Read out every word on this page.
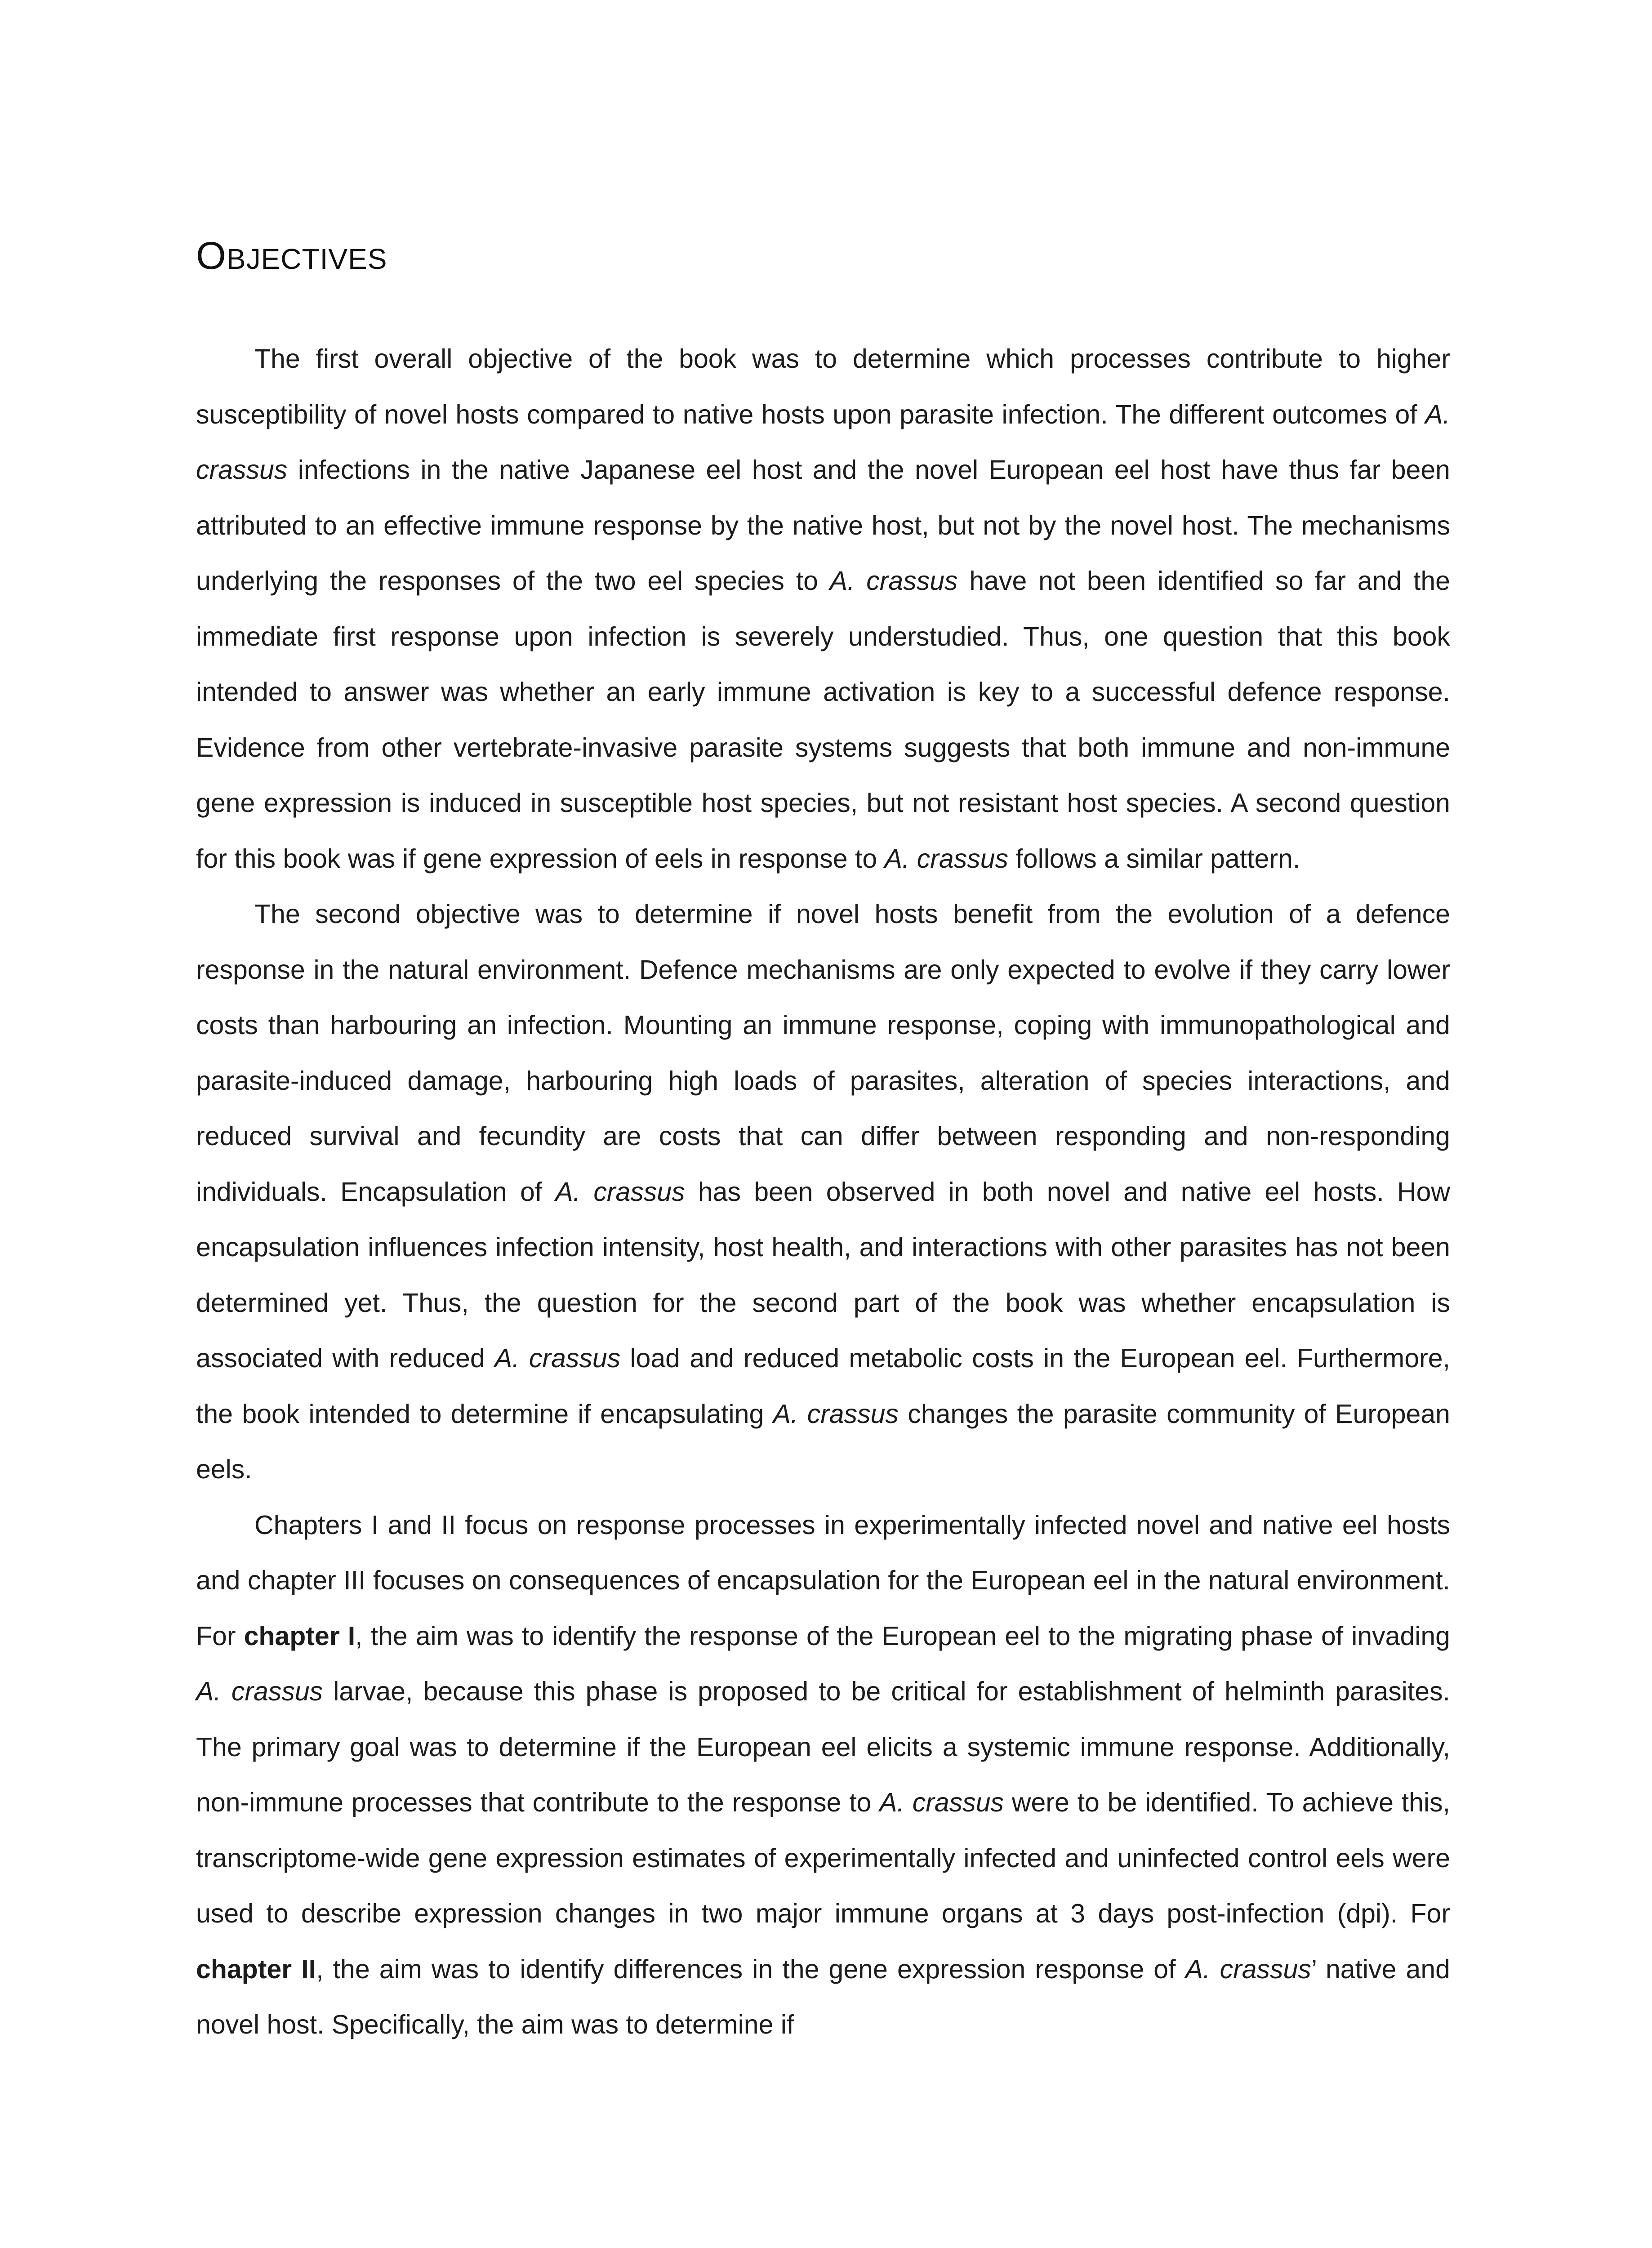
OBJECTIVES

The first overall objective of the book was to determine which processes contribute to higher susceptibility of novel hosts compared to native hosts upon parasite infection. The different outcomes of A. crassus infections in the native Japanese eel host and the novel European eel host have thus far been attributed to an effective immune response by the native host, but not by the novel host. The mechanisms underlying the responses of the two eel species to A. crassus have not been identified so far and the immediate first response upon infection is severely understudied. Thus, one question that this book intended to answer was whether an early immune activation is key to a successful defence response. Evidence from other vertebrate-invasive parasite systems suggests that both immune and non-immune gene expression is induced in susceptible host species, but not resistant host species. A second question for this book was if gene expression of eels in response to A. crassus follows a similar pattern.

The second objective was to determine if novel hosts benefit from the evolution of a defence response in the natural environment. Defence mechanisms are only expected to evolve if they carry lower costs than harbouring an infection. Mounting an immune response, coping with immunopathological and parasite-induced damage, harbouring high loads of parasites, alteration of species interactions, and reduced survival and fecundity are costs that can differ between responding and non-responding individuals. Encapsulation of A. crassus has been observed in both novel and native eel hosts. How encapsulation influences infection intensity, host health, and interactions with other parasites has not been determined yet. Thus, the question for the second part of the book was whether encapsulation is associated with reduced A. crassus load and reduced metabolic costs in the European eel. Furthermore, the book intended to determine if encapsulating A. crassus changes the parasite community of European eels.

Chapters I and II focus on response processes in experimentally infected novel and native eel hosts and chapter III focuses on consequences of encapsulation for the European eel in the natural environment. For chapter I, the aim was to identify the response of the European eel to the migrating phase of invading A. crassus larvae, because this phase is proposed to be critical for establishment of helminth parasites. The primary goal was to determine if the European eel elicits a systemic immune response. Additionally, non-immune processes that contribute to the response to A. crassus were to be identified. To achieve this, transcriptome-wide gene expression estimates of experimentally infected and uninfected control eels were used to describe expression changes in two major immune organs at 3 days post-infection (dpi). For chapter II, the aim was to identify differences in the gene expression response of A. crassus’ native and novel host. Specifically, the aim was to determine if
